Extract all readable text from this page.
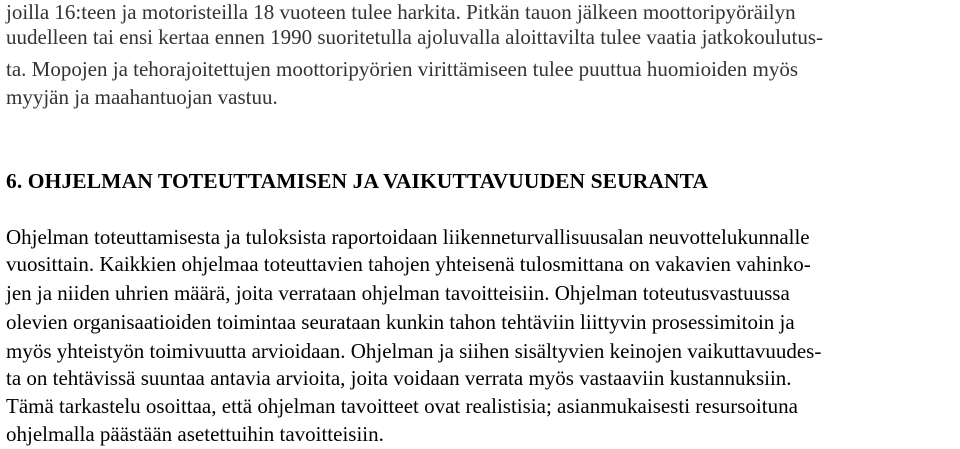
joilla 16:teen ja motoristeilla 18 vuoteen tulee harkita. Pitkän tauon jälkeen moottoripyöräilyn
uudelleen tai ensi kertaa ennen 1990 suoritetulla ajoluvalla aloittavilta tulee vaatia jatkokoulutus-
ta. Mopojen ja tehorajoitettujen moottoripyörien virittämiseen tulee puuttua huomioiden myös
myyjän ja maahantuojan vastuu.
6. OHJELMAN TOTEUTTAMISEN JA VAIKUTTAVUUDEN SEURANTA
Ohjelman toteuttamisesta ja tuloksista raportoidaan liikenneturvallisuusalan neuvottelukunnalle
vuosittain. Kaikkien ohjelmaa toteuttavien tahojen yhteisenä tulosmittana on vakavien vahinko-
jen ja niiden uhrien määrä, joita verrataan ohjelman tavoitteisiin. Ohjelman toteutusvastuussa
olevien organisaatioiden toimintaa seurataan kunkin tahon tehtäviin liittyvin prosessimitoin ja
myös yhteistyön toimivuutta arvioidaan. Ohjelman ja siihen sisältyvien keinojen vaikuttavuudes-
ta on tehtävissä suuntaa antavia arvioita, joita voidaan verrata myös vastaaviin kustannuksiin.
Tämä tarkastelu osoittaa, että ohjelman tavoitteet ovat realistisia; asianmukaisesti resursoituna
ohjelmalla päästään asetettuihin tavoitteisiin.
